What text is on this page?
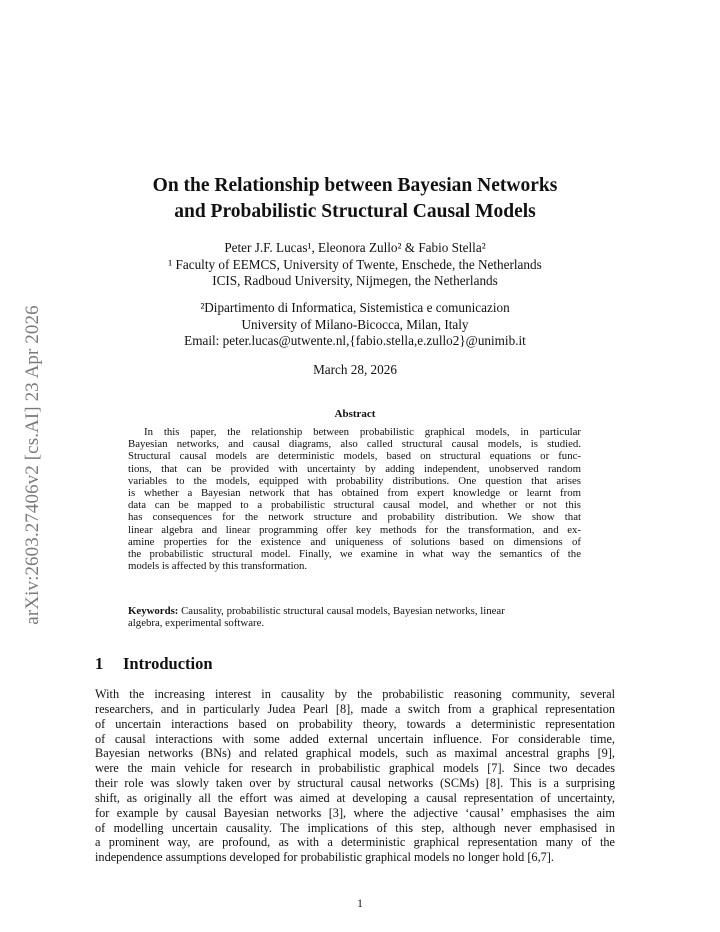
arXiv:2603.27406v2 [cs.AI] 23 Apr 2026
On the Relationship between Bayesian Networks
and Probabilistic Structural Causal Models
Peter J.F. Lucas¹, Eleonora Zullo² & Fabio Stella²
¹ Faculty of EEMCS, University of Twente, Enschede, the Netherlands
ICIS, Radboud University, Nijmegen, the Netherlands
²Dipartimento di Informatica, Sistemistica e comunicazion
University of Milano-Bicocca, Milan, Italy
Email: peter.lucas@utwente.nl,{fabio.stella,e.zullo2}@unimib.it
March 28, 2026
Abstract
In this paper, the relationship between probabilistic graphical models, in particular
Bayesian networks, and causal diagrams, also called structural causal models, is studied.
Structural causal models are deterministic models, based on structural equations or func-
tions, that can be provided with uncertainty by adding independent, unobserved random
variables to the models, equipped with probability distributions. One question that arises
is whether a Bayesian network that has obtained from expert knowledge or learnt from
data can be mapped to a probabilistic structural causal model, and whether or not this
has consequences for the network structure and probability distribution. We show that
linear algebra and linear programming offer key methods for the transformation, and ex-
amine properties for the existence and uniqueness of solutions based on dimensions of
the probabilistic structural model. Finally, we examine in what way the semantics of the
models is affected by this transformation.
Keywords: Causality, probabilistic structural causal models, Bayesian networks, linear
algebra, experimental software.
1 Introduction
With the increasing interest in causality by the probabilistic reasoning community, several
researchers, and in particularly Judea Pearl [8], made a switch from a graphical representation
of uncertain interactions based on probability theory, towards a deterministic representation
of causal interactions with some added external uncertain influence. For considerable time,
Bayesian networks (BNs) and related graphical models, such as maximal ancestral graphs [9],
were the main vehicle for research in probabilistic graphical models [7]. Since two decades
their role was slowly taken over by structural causal networks (SCMs) [8]. This is a surprising
shift, as originally all the effort was aimed at developing a causal representation of uncertainty,
for example by causal Bayesian networks [3], where the adjective ‘causal’ emphasises the aim
of modelling uncertain causality. The implications of this step, although never emphasised in
a prominent way, are profound, as with a deterministic graphical representation many of the
independence assumptions developed for probabilistic graphical models no longer hold [6,7].
1
